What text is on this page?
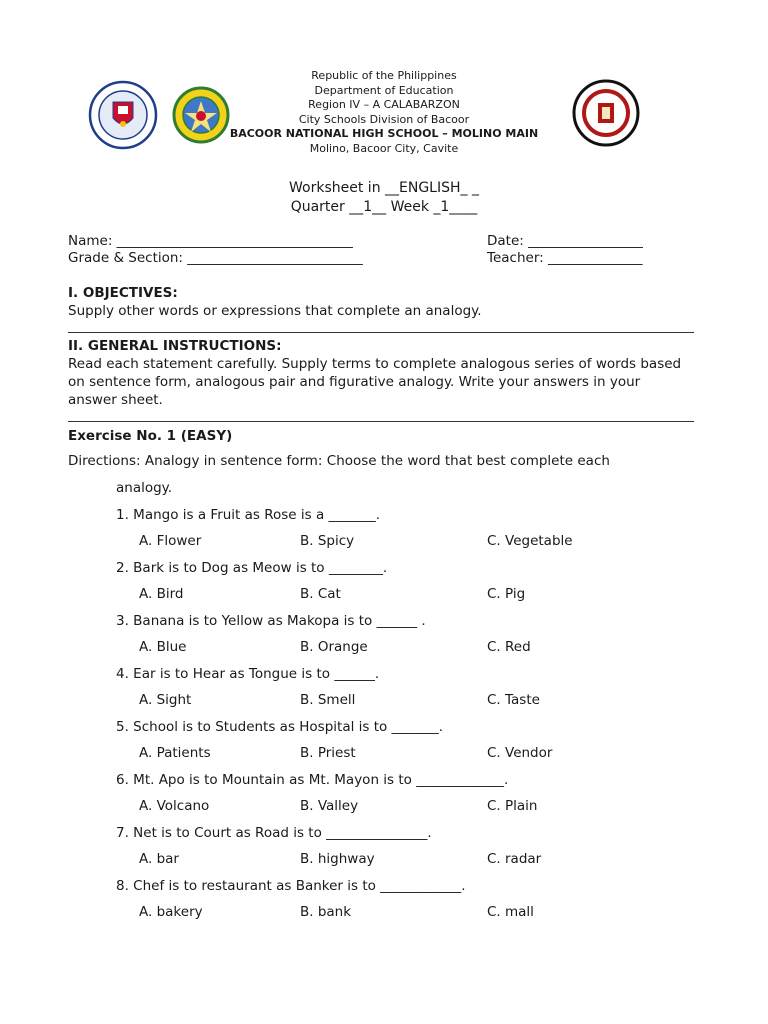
Republic of the Philippines
Department of Education
Region IV – A CALABARZON
City Schools Division of Bacoor
BACOOR NATIONAL HIGH SCHOOL – MOLINO MAIN
Molino, Bacoor City, Cavite
Worksheet in __ENGLISH_ _
Quarter __1__ Week _1____
Name: ___________________________________	Date: _________________
Grade & Section: __________________________	Teacher: ______________
I. OBJECTIVES:
Supply other words or expressions that complete an analogy.
II. GENERAL INSTRUCTIONS:
Read each statement carefully. Supply terms to complete analogous series of words based
on sentence form, analogous pair and figurative analogy. Write your answers in your
answer sheet.
Exercise No. 1 (EASY)
Directions: Analogy in sentence form: Choose the word that best complete each
analogy.
1. Mango is a Fruit as Rose is a _______.
A. Flower	B. Spicy	C. Vegetable
2. Bark is to Dog as Meow is to ________.
A. Bird	B. Cat	C. Pig
3. Banana is to Yellow as Makopa is to ______ .
A. Blue	B. Orange	C. Red
4. Ear is to Hear as Tongue is to ______.
A. Sight	B. Smell	C. Taste
5. School is to Students as Hospital is to _______.
A. Patients	B. Priest	C. Vendor
6. Mt. Apo is to Mountain as Mt. Mayon is to _____________.
A. Volcano	B. Valley	C. Plain
7. Net is to Court as Road is to _______________.
A. bar	B. highway	C. radar
8. Chef is to restaurant as Banker is to ____________.
A. bakery	B. bank	C. mall
